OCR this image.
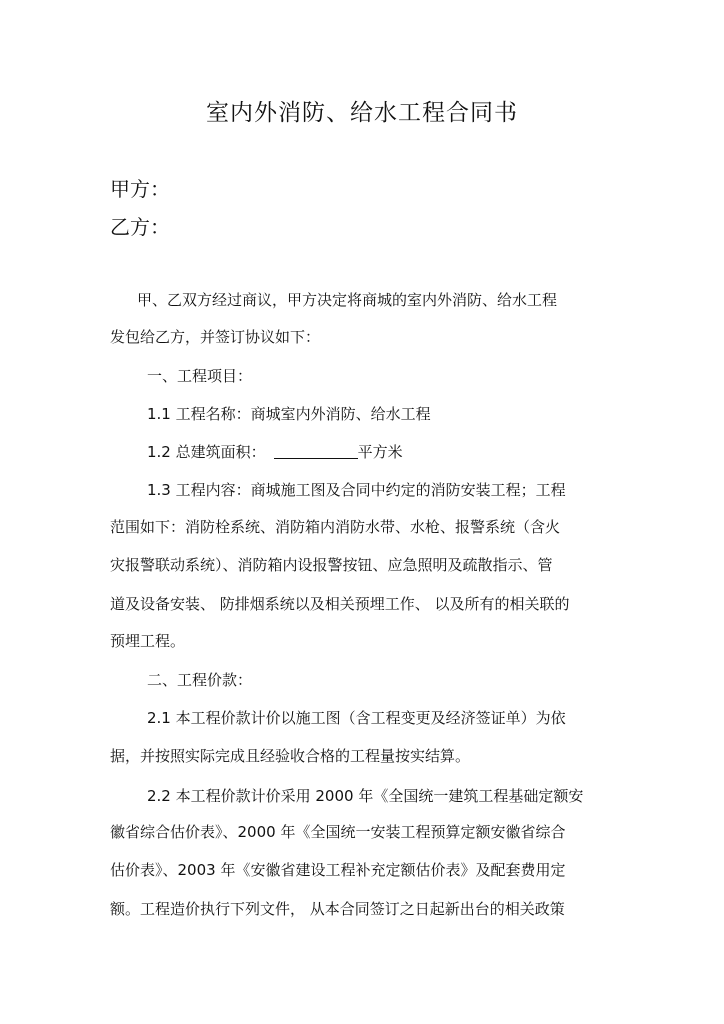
室内外消防、给水工程合同书
甲方：
乙方：
甲、乙双方经过商议，甲方决定将商城的室内外消防、给水工程
发包给乙方，并签订协议如下：
一、工程项目：
1.1 工程名称：商城室内外消防、给水工程
1.2 总建筑面积：	平方米
1.3 工程内容：商城施工图及合同中约定的消防安装工程；工程
范围如下：消防栓系统、消防箱内消防水带、水枪、报警系统（含火
灾报警联动系统）、消防箱内设报警按钮、应急照明及疏散指示、管
道及设备安装、 防排烟系统以及相关预埋工作、 以及所有的相关联的
预埋工程。
二、工程价款：
2.1 本工程价款计价以施工图（含工程变更及经济签证单）为依
据，并按照实际完成且经验收合格的工程量按实结算。
2.2 本工程价款计价采用 2000 年《全国统一建筑工程基础定额安
徽省综合估价表》、2000 年《全国统一安装工程预算定额安徽省综合
估价表》、2003 年《安徽省建设工程补充定额估价表》及配套费用定
额。工程造价执行下列文件， 从本合同签订之日起新出台的相关政策
